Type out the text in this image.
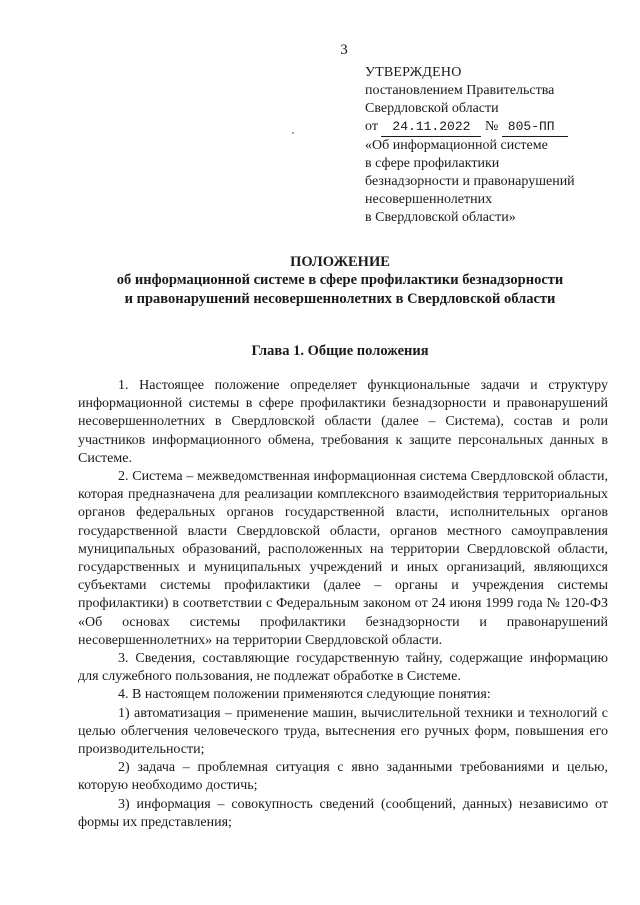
3
УТВЕРЖДЕНО
постановлением Правительства
Свердловской области
от 24.11.2022 № 805-ПП
«Об информационной системе
в сфере профилактики
безнадзорности и правонарушений
несовершеннолетних
в Свердловской области»
ПОЛОЖЕНИЕ
об информационной системе в сфере профилактики безнадзорности
и правонарушений несовершеннолетних в Свердловской области
Глава 1. Общие положения

1. Настоящее положение определяет функциональные задачи и структуру информационной системы в сфере профилактики безнадзорности и правонарушений несовершеннолетних в Свердловской области (далее – Система), состав и роли участников информационного обмена, требования к защите персональных данных в Системе.

2. Система – межведомственная информационная система Свердловской области, которая предназначена для реализации комплексного взаимодействия территориальных органов федеральных органов государственной власти, исполнительных органов государственной власти Свердловской области, органов местного самоуправления муниципальных образований, расположенных на территории Свердловской области, государственных и муниципальных учреждений и иных организаций, являющихся субъектами системы профилактики (далее – органы и учреждения системы профилактики) в соответствии с Федеральным законом от 24 июня 1999 года № 120-ФЗ «Об основах системы профилактики безнадзорности и правонарушений несовершеннолетних» на территории Свердловской области.

3. Сведения, составляющие государственную тайну, содержащие информацию для служебного пользования, не подлежат обработке в Системе.

4. В настоящем положении применяются следующие понятия:

1) автоматизация – применение машин, вычислительной техники и технологий с целью облегчения человеческого труда, вытеснения его ручных форм, повышения его производительности;

2) задача – проблемная ситуация с явно заданными требованиями и целью, которую необходимо достичь;

3) информация – совокупность сведений (сообщений, данных) независимо от формы их представления;
